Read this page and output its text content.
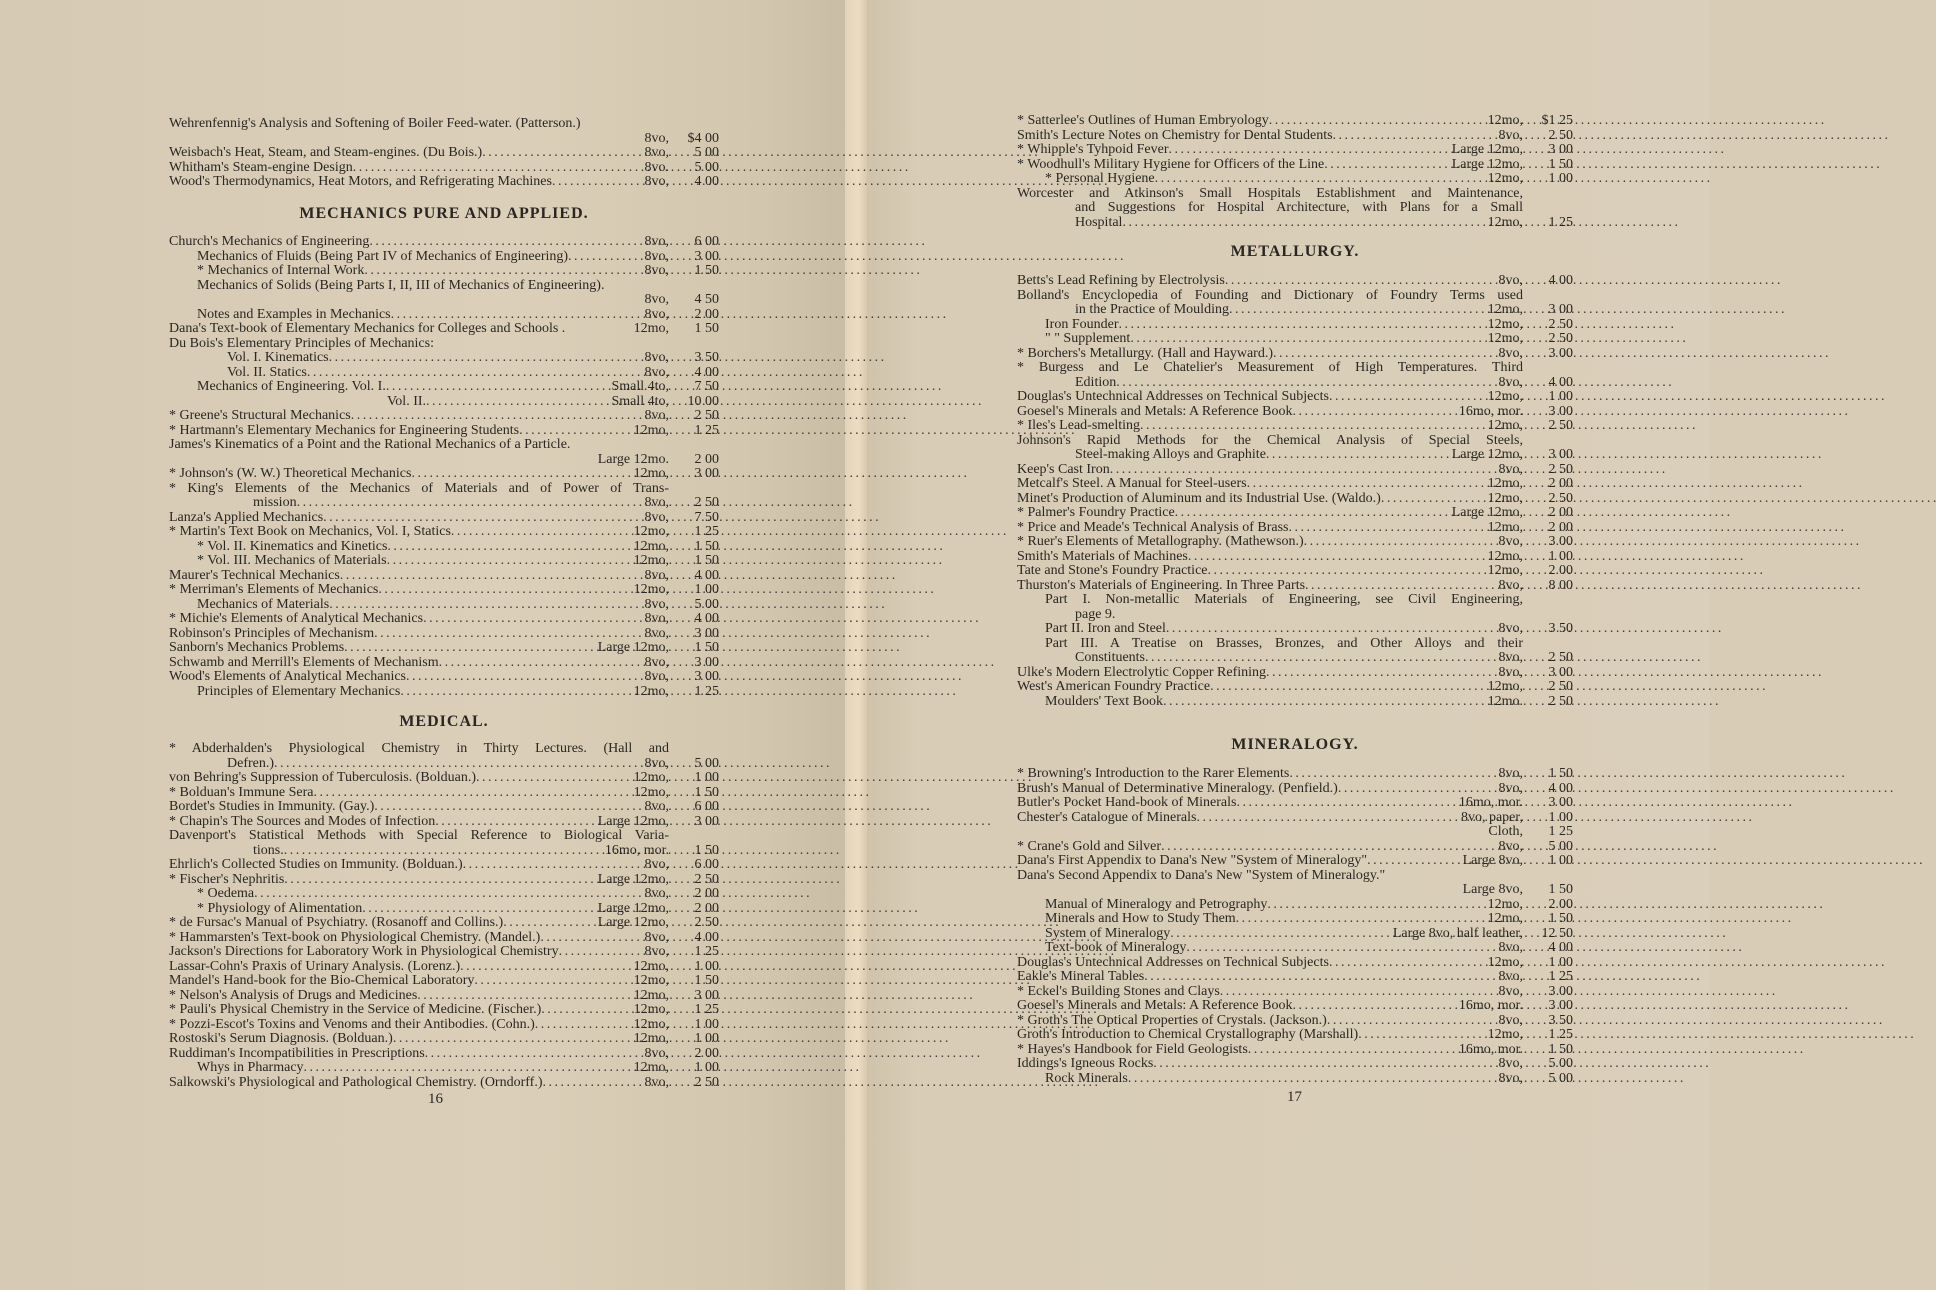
Wehrenfennig's Analysis and Softening of Boiler Feed-water. (Patterson.)
8vo,	$4 00
Weisbach's Heat, Steam, and Steam-engines. (Du Bois.) . . .	8vo,	5 00
Whitham's Steam-engine Design . . .	8vo.	5 00
Wood's Thermodynamics, Heat Motors, and Refrigerating Machines . . .	8vo,	4 00
MECHANICS PURE AND APPLIED.
Church's Mechanics of Engineering . . .	8vo,	6 00
Mechanics of Fluids (Being Part IV of Mechanics of Engineering) . . .	8vo,	3 00
* Mechanics of Internal Work . . .	8vo,	1 50
Mechanics of Solids (Being Parts I, II, III of Mechanics of Engineering).
8vo,	4 50
Notes and Examples in Mechanics . . .	8vo,	2 00
Dana's Text-book of Elementary Mechanics for Colleges and Schools .	12mo,	1 50
Du Bois's Elementary Principles of Mechanics:
Vol. I. Kinematics . . .	8vo,	3 50
Vol. II. Statics . . .	8vo,	4 00
Mechanics of Engineering. Vol. I. . . .	Small 4to,	7 50
Vol. II. . . .	Small 4to,	10 00
* Greene's Structural Mechanics . . .	8vo,	2 50
* Hartmann's Elementary Mechanics for Engineering Students . . .	12mo,	1 25
James's Kinematics of a Point and the Rational Mechanics of a Particle.
Large 12mo.	2 00
* Johnson's (W. W.) Theoretical Mechanics . . .	12mo,	3 00
* King's Elements of the Mechanics of Materials and of Power of Trans-
mission . . .	8vo,	2 50
Lanza's Applied Mechanics . . .	8vo,	7 50
* Martin's Text Book on Mechanics, Vol. I, Statics . . .	12mo,	1 25
* Vol. II. Kinematics and Kinetics . . .	12mo,	1 50
* Vol. III. Mechanics of Materials . . .	12mo,	1 50
Maurer's Technical Mechanics . . .	8vo,	4 00
* Merriman's Elements of Mechanics . . .	12mo,	1 00
Mechanics of Materials . . .	8vo,	5 00
* Michie's Elements of Analytical Mechanics . . .	8vo,	4 00
Robinson's Principles of Mechanism . . .	8vo,	3 00
Sanborn's Mechanics Problems . . .	Large 12mo,	1 50
Schwamb and Merrill's Elements of Mechanism . . .	8vo,	3 00
Wood's Elements of Analytical Mechanics . . .	8vo,	3 00
Principles of Elementary Mechanics . . .	12mo,	1 25
MEDICAL.
* Abderhalden's Physiological Chemistry in Thirty Lectures. (Hall and
Defren.) . . .	8vo,	5 00
von Behring's Suppression of Tuberculosis. (Bolduan.) . . .	12mo,	1 00
* Bolduan's Immune Sera . . .	12mo,	1 50
Bordet's Studies in Immunity. (Gay.) . . .	8vo,	6 00
* Chapin's The Sources and Modes of Infection . . .	Large 12mo,	3 00
Davenport's Statistical Methods with Special Reference to Biological Varia-
tions. . . .	16mo, mor.	1 50
Ehrlich's Collected Studies on Immunity. (Bolduan.) . . .	8vo,	6 00
* Fischer's Nephritis . . .	Large 12mo,	2 50
* Oedema . . .	8vo,	2 00
* Physiology of Alimentation . . .	Large 12mo,	2 00
* de Fursac's Manual of Psychiatry. (Rosanoff and Collins.) . . .	Large 12mo,	2 50
* Hammarsten's Text-book on Physiological Chemistry. (Mandel.) . . .	8vo,	4 00
Jackson's Directions for Laboratory Work in Physiological Chemistry . . .	8vo,	1 25
Lassar-Cohn's Praxis of Urinary Analysis. (Lorenz.) . . .	12mo,	1 00
Mandel's Hand-book for the Bio-Chemical Laboratory . . .	12mo,	1 50
* Nelson's Analysis of Drugs and Medicines . . .	12mo,	3 00
* Pauli's Physical Chemistry in the Service of Medicine. (Fischer.) . . .	12mo,	1 25
* Pozzi-Escot's Toxins and Venoms and their Antibodies. (Cohn.) . . .	12mo,	1 00
Rostoski's Serum Diagnosis. (Bolduan.) . . .	12mo,	1 00
Ruddiman's Incompatibilities in Prescriptions . . .	8vo,	2 00
Whys in Pharmacy . . .	12mo,	1 00
Salkowski's Physiological and Pathological Chemistry. (Orndorff.) . . .	8vo,	2 50
16
* Satterlee's Outlines of Human Embryology . . .	12mo,	$1 25
Smith's Lecture Notes on Chemistry for Dental Students . . .	8vo,	2 50
* Whipple's Tyhpoid Fever . . .	Large 12mo,	3 00
* Woodhull's Military Hygiene for Officers of the Line . . .	Large 12mo,	1 50
* Personal Hygiene . . .	12mo,	1 00
Worcester and Atkinson's Small Hospitals Establishment and Maintenance,
and Suggestions for Hospital Architecture, with Plans for a Small
Hospital . . .	12mo,	1 25
METALLURGY.
Betts's Lead Refining by Electrolysis . . .	8vo,	4 00
Bolland's Encyclopedia of Founding and Dictionary of Foundry Terms used
in the Practice of Moulding . . .	12mo,	3 00
Iron Founder . . .	12mo,	2 50
" " Supplement . . .	12mo,	2 50
* Borchers's Metallurgy. (Hall and Hayward.) . . .	8vo,	3 00
* Burgess and Le Chatelier's Measurement of High Temperatures. Third
Edition . . .	8vo,	4 00
Douglas's Untechnical Addresses on Technical Subjects . . .	12mo,	1 00
Goesel's Minerals and Metals: A Reference Book . . .	16mo, mor.	3 00
* Iles's Lead-smelting . . .	12mo,	2 50
Johnson's Rapid Methods for the Chemical Analysis of Special Steels,
Steel-making Alloys and Graphite . . .	Large 12mo,	3 00
Keep's Cast Iron . . .	8vo,	2 50
Metcalf's Steel. A Manual for Steel-users . . .	12mo,	2 00
Minet's Production of Aluminum and its Industrial Use. (Waldo.) . . .	12mo,	2 50
* Palmer's Foundry Practice . . .	Large 12mo,	2 00
* Price and Meade's Technical Analysis of Brass . . .	12mo,	2 00
* Ruer's Elements of Metallography. (Mathewson.) . . .	8vo,	3 00
Smith's Materials of Machines . . .	12mo,	1 00
Tate and Stone's Foundry Practice . . .	12mo,	2 00
Thurston's Materials of Engineering. In Three Parts . . .	8vo,	8 00
Part I. Non-metallic Materials of Engineering, see Civil Engineering,
page 9.
Part II. Iron and Steel . . .	8vo,	3 50
Part III. A Treatise on Brasses, Bronzes, and Other Alloys and their
Constituents . . .	8vo,	2 50
Ulke's Modern Electrolytic Copper Refining . . .	8vo,	3 00
West's American Foundry Practice . . .	12mo,	2 50
Moulders' Text Book . . .	12mo.	2 50
MINERALOGY.
* Browning's Introduction to the Rarer Elements . . .	8vo,	1 50
Brush's Manual of Determinative Mineralogy. (Penfield.) . . .	8vo,	4 00
Butler's Pocket Hand-book of Minerals . . .	16mo, mor.	3 00
Chester's Catalogue of Minerals . . .	8vo, paper,	1 00
Cloth,	1 25
* Crane's Gold and Silver . . .	8vo,	5 00
Dana's First Appendix to Dana's New "System of Mineralogy" . . .	Large 8vo,	1 00
Dana's Second Appendix to Dana's New "System of Mineralogy."
Large 8vo,	1 50
Manual of Mineralogy and Petrography . . .	12mo,	2 00
Minerals and How to Study Them . . .	12mo,	1 50
System of Mineralogy . . .	Large 8vo, half leather,	12 50
Text-book of Mineralogy . . .	8vo,	4 00
Douglas's Untechnical Addresses on Technical Subjects . . .	12mo,	1 00
Eakle's Mineral Tables . . .	8vo,	1 25
* Eckel's Building Stones and Clays . . .	8vo,	3 00
Goesel's Minerals and Metals: A Reference Book . . .	16mo, mor.	3 00
* Groth's The Optical Properties of Crystals. (Jackson.) . . .	8vo,	3 50
Groth's Introduction to Chemical Crystallography (Marshall) . . .	12mo,	1 25
* Hayes's Handbook for Field Geologists . . .	16mo, mor.	1 50
Iddings's Igneous Rocks . . .	8vo,	5 00
Rock Minerals . . .	8vo,	5 00
17
